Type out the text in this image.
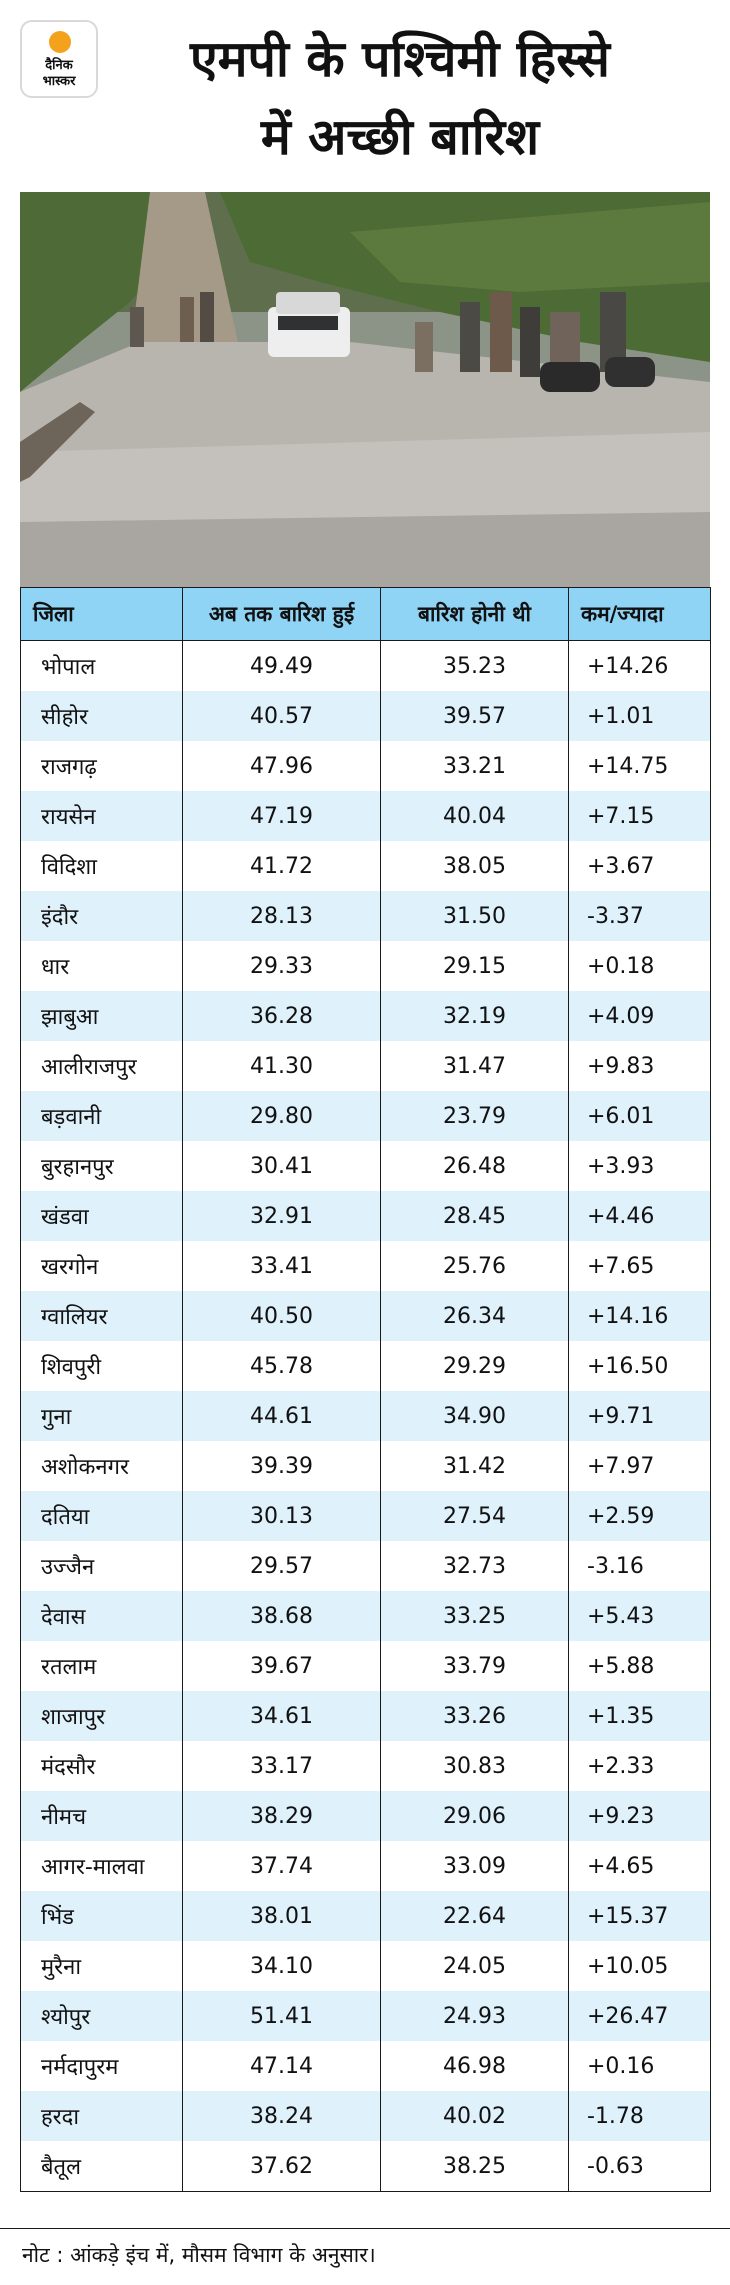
दैनिक
भास्कर	एमपी के पश्चिमी हिस्से
में अच्छी बारिश
जिला	अब तक बारिश हुई	बारिश होनी थी	कम/ज्यादा
भोपाल	49.49	35.23	+14.26
सीहोर	40.57	39.57	+1.01
राजगढ़	47.96	33.21	+14.75
रायसेन	47.19	40.04	+7.15
विदिशा	41.72	38.05	+3.67
इंदौर	28.13	31.50	-3.37
धार	29.33	29.15	+0.18
झाबुआ	36.28	32.19	+4.09
आलीराजपुर	41.30	31.47	+9.83
बड़वानी	29.80	23.79	+6.01
बुरहानपुर	30.41	26.48	+3.93
खंडवा	32.91	28.45	+4.46
खरगोन	33.41	25.76	+7.65
ग्वालियर	40.50	26.34	+14.16
शिवपुरी	45.78	29.29	+16.50
गुना	44.61	34.90	+9.71
अशोकनगर	39.39	31.42	+7.97
दतिया	30.13	27.54	+2.59
उज्जैन	29.57	32.73	-3.16
देवास	38.68	33.25	+5.43
रतलाम	39.67	33.79	+5.88
शाजापुर	34.61	33.26	+1.35
मंदसौर	33.17	30.83	+2.33
नीमच	38.29	29.06	+9.23
आगर-मालवा	37.74	33.09	+4.65
भिंड	38.01	22.64	+15.37
मुरैना	34.10	24.05	+10.05
श्योपुर	51.41	24.93	+26.47
नर्मदापुरम	47.14	46.98	+0.16
हरदा	38.24	40.02	-1.78
बैतूल	37.62	38.25	-0.63
नोट : आंकड़े इंच में, मौसम विभाग के अनुसार।
